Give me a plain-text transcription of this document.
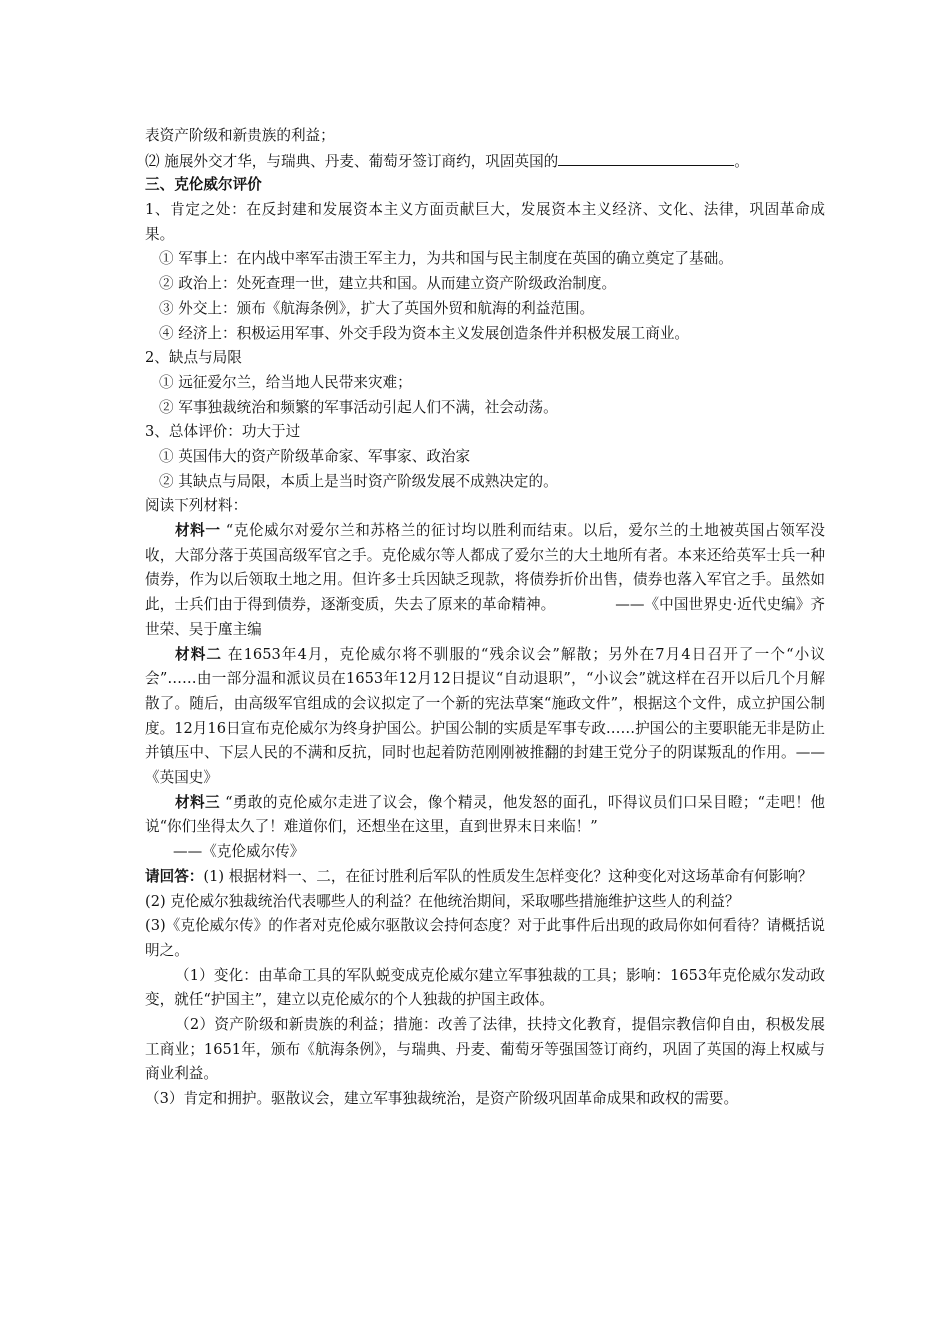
表资产阶级和新贵族的利益；
⑵ 施展外交才华，与瑞典、丹麦、葡萄牙签订商约，巩固英国的	。
三、克伦威尔评价
1、肯定之处：在反封建和发展资本主义方面贡献巨大，发展资本主义经济、文化、法律，巩固革命成果。
① 军事上：在内战中率军击溃王军主力，为共和国与民主制度在英国的确立奠定了基础。
② 政治上：处死查理一世，建立共和国。从而建立资产阶级政治制度。
③ 外交上：颁布《航海条例》，扩大了英国外贸和航海的利益范围。
④ 经济上：积极运用军事、外交手段为资本主义发展创造条件并积极发展工商业。
2、缺点与局限
① 远征爱尔兰，给当地人民带来灾难；
② 军事独裁统治和频繁的军事活动引起人们不满，社会动荡。
3、总体评价：功大于过
① 英国伟大的资产阶级革命家、军事家、政治家
② 其缺点与局限，本质上是当时资产阶级发展不成熟决定的。
阅读下列材料：
材料一 “克伦威尔对爱尔兰和苏格兰的征讨均以胜利而结束。以后，爱尔兰的土地被英国占领军没收，大部分落于英国高级军官之手。克伦威尔等人都成了爱尔兰的大土地所有者。本来还给英军士兵一种债券，作为以后领取土地之用。但许多士兵因缺乏现款，将债券折价出售，债券也落入军官之手。虽然如此，士兵们由于得到债券，逐渐变质，失去了原来的革命精神。	——《中国世界史·近代史编》齐世荣、吴于廑主编
材料二 在1653年4月，克伦威尔将不驯服的“残余议会”解散；另外在7月4日召开了一个“小议会”……由一部分温和派议员在1653年12月12日提议“自动退职”，“小议会”就这样在召开以后几个月解散了。随后，由高级军官组成的会议拟定了一个新的宪法草案“施政文件”，根据这个文件，成立护国公制度。12月16日宣布克伦威尔为终身护国公。护国公制的实质是军事专政……护国公的主要职能无非是防止并镇压中、下层人民的不满和反抗，同时也起着防范刚刚被推翻的封建王党分子的阴谋叛乱的作用。——《英国史》
材料三 “勇敢的克伦威尔走进了议会，像个精灵，他发怒的面孔，吓得议员们口呆目瞪；“走吧！他说“你们坐得太久了！难道你们，还想坐在这里，直到世界末日来临！”
——《克伦威尔传》
请回答：(1) 根据材料一、二，在征讨胜利后军队的性质发生怎样变化？这种变化对这场革命有何影响？
(2) 克伦威尔独裁统治代表哪些人的利益？在他统治期间，采取哪些措施维护这些人的利益？
(3)《克伦威尔传》的作者对克伦威尔驱散议会持何态度？对于此事件后出现的政局你如何看待？请概括说明之。
（1）变化：由革命工具的军队蜕变成克伦威尔建立军事独裁的工具；影响：1653年克伦威尔发动政变，就任“护国主”，建立以克伦威尔的个人独裁的护国主政体。
（2）资产阶级和新贵族的利益；措施：改善了法律，扶持文化教育，提倡宗教信仰自由，积极发展工商业；1651年，颁布《航海条例》，与瑞典、丹麦、葡萄牙等强国签订商约，巩固了英国的海上权威与商业利益。
（3）肯定和拥护。驱散议会，建立军事独裁统治，是资产阶级巩固革命成果和政权的需要。
